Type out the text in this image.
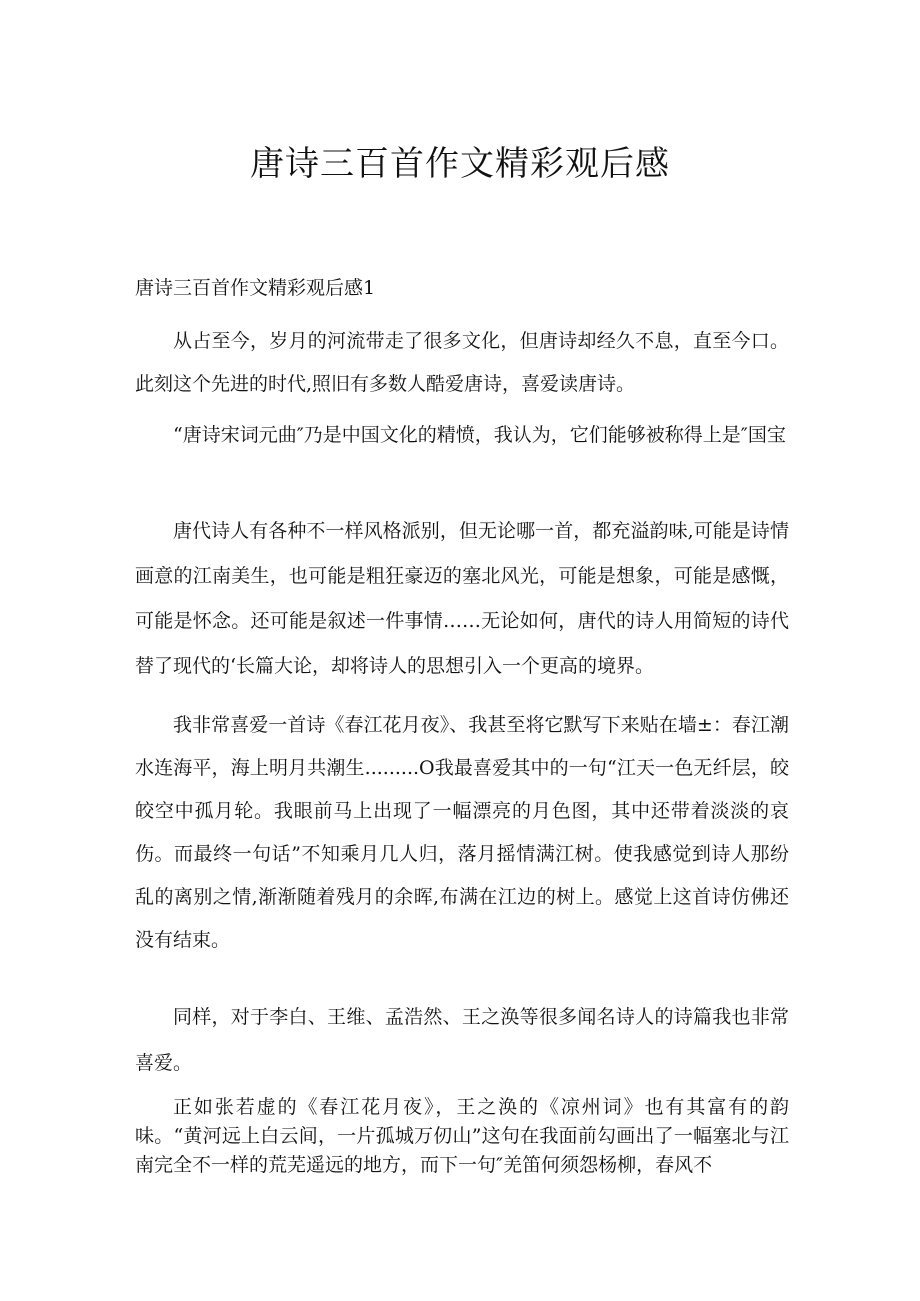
唐诗三百首作文精彩观后感

唐诗三百首作文精彩观后感1

从占至今，岁月的河流带走了很多文化，但唐诗却经久不息，直至今口。此刻这个先进的时代,照旧有多数人酷爱唐诗，喜爱读唐诗。

“唐诗宋词元曲″乃是中国文化的精愤，我认为，它们能够被称得上是″国宝

唐代诗人有各种不一样风格派别，但无论哪一首，都充溢韵味,可能是诗情画意的江南美生，也可能是粗狂豪迈的塞北风光，可能是想象，可能是感慨，可能是怀念。还可能是叙述一件事情……无论如何，唐代的诗人用简短的诗代替了现代的‘长篇大论，却将诗人的思想引入一个更高的境界。

我非常喜爱一首诗《春江花月夜》、我甚至将它默写下来贴在墙±：春江潮水连海平，海上明月共潮生.........O我最喜爱其中的一句“江天一色无纤层，皎皎空中孤月轮。我眼前马上出现了一幅漂亮的月色图，其中还带着淡淡的哀伤。而最终一句话”不知乘月几人归，落月摇情满江树。使我感觉到诗人那纷乱的离别之情,渐渐随着残月的余晖,布满在江边的树上。感觉上这首诗仿佛还没有结束。

同样，对于李白、王维、孟浩然、王之涣等很多闻名诗人的诗篇我也非常喜爱。

正如张若虚的《春江花月夜》，王之涣的《凉州词》也有其富有的韵味。“黄河远上白云间，一片孤城万仞山”这句在我面前勾画出了一幅塞北与江南完全不一样的荒芜遥远的地方，而下一句″羌笛何须怨杨柳，春风不
